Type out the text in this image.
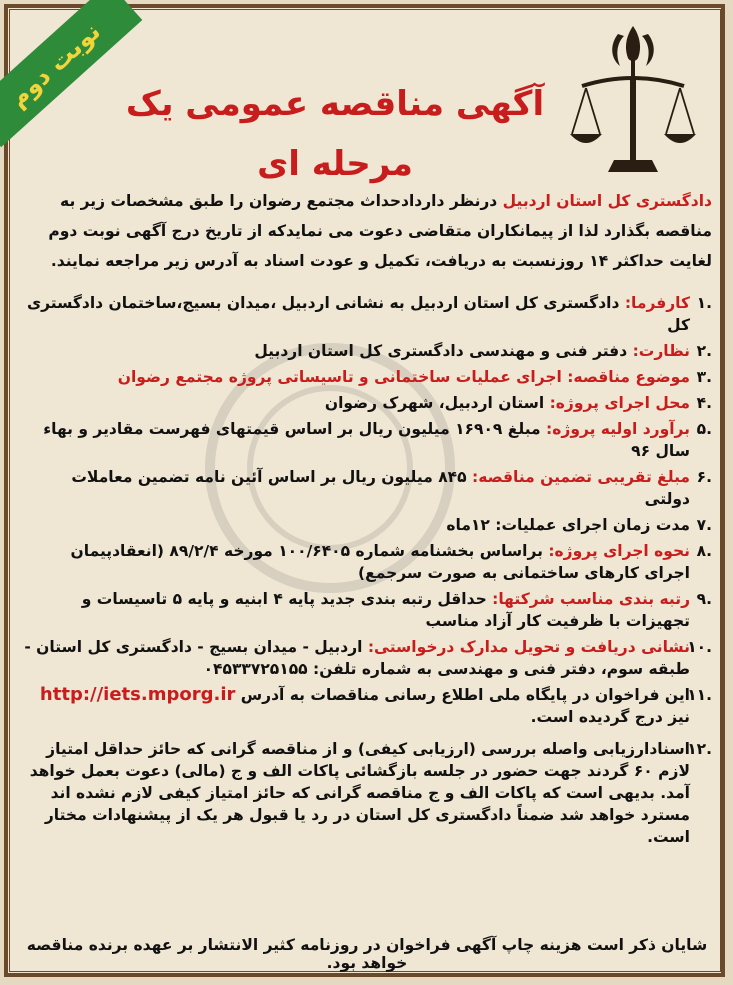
نوبت دوم آگهی مناقصه عمومی یک مرحله ای
دادگستری کل استان اردبیل درنظر داردادحداث مجتمع رضوان را طبق مشخصات زیر به مناقصه بگذارد لذا از پیمانکاران متقاضی دعوت می نمایدکه از تاریخ درج آگهی نوبت دوم لغایت حداکثر ۱۴ روزنسبت به دریافت، تکمیل و عودت اسناد به آدرس زیر مراجعه نمایند.
.۱
کارفرما: دادگستری کل استان اردبیل به نشانی اردبیل ،میدان بسیج،ساختمان دادگستری کل
.۲
نظارت: دفتر فنی و مهندسی دادگستری کل استان اردبیل
.۳
موضوع مناقصه: اجرای عملیات ساختمانی و تاسیساتی پروژه مجتمع رضوان
.۴
محل اجرای پروژه: استان اردبیل، شهرک رضوان
.۵
برآورد اولیه پروژه: مبلغ ۱۶۹۰۹ میلیون ریال بر اساس قیمتهای فهرست مقادیر و بهاء سال ۹۶
.۶
مبلغ تقریبی تضمین مناقصه: ۸۴۵ میلیون ریال بر اساس آئین نامه تضمین معاملات دولتی
.۷
مدت زمان اجرای عملیات: ۱۲ماه
.۸
نحوه اجرای پروژه: براساس بخشنامه شماره ۱۰۰/۶۴۰۵ مورخه ۸۹/۲/۴ (انعقادپیمان اجرای کارهای ساختمانی به صورت سرجمع)
.۹
رتبه بندی مناسب شرکتها: حداقل رتبه بندی جدید پایه ۴ ابنیه و پایه ۵ تاسیسات و تجهیزات با ظرفیت کار آزاد مناسب
.۱۰
نشانی دریافت و تحویل مدارک درخواستی: اردبیل - میدان بسیج - دادگستری کل استان - طبقه سوم، دفتر فنی و مهندسی به شماره تلفن: ۰۴۵۳۳۷۲۵۱۵۵
.۱۱
این فراخوان در پایگاه ملی اطلاع رسانی مناقصات به آدرس http://iets.mporg.ir نیز درج گردیده است.
.۱۲
اسنادارزیابی واصله بررسی (ارزیابی کیفی) و از مناقصه گرانی که حائز حداقل امتیاز لازم ۶۰ گردند جهت حضور در جلسه بازگشائی پاکات الف و ج (مالی) دعوت بعمل خواهد آمد. بدیهی است که پاکات الف و ج مناقصه گرانی که حائز امتیاز کیفی لازم نشده اند مسترد خواهد شد ضمناً دادگستری کل استان در رد یا قبول هر یک از پیشنهادات مختار است.
شایان ذکر است هزینه چاپ آگهی فراخوان در روزنامه کثیر الانتشار بر عهده برنده مناقصه خواهد بود.
